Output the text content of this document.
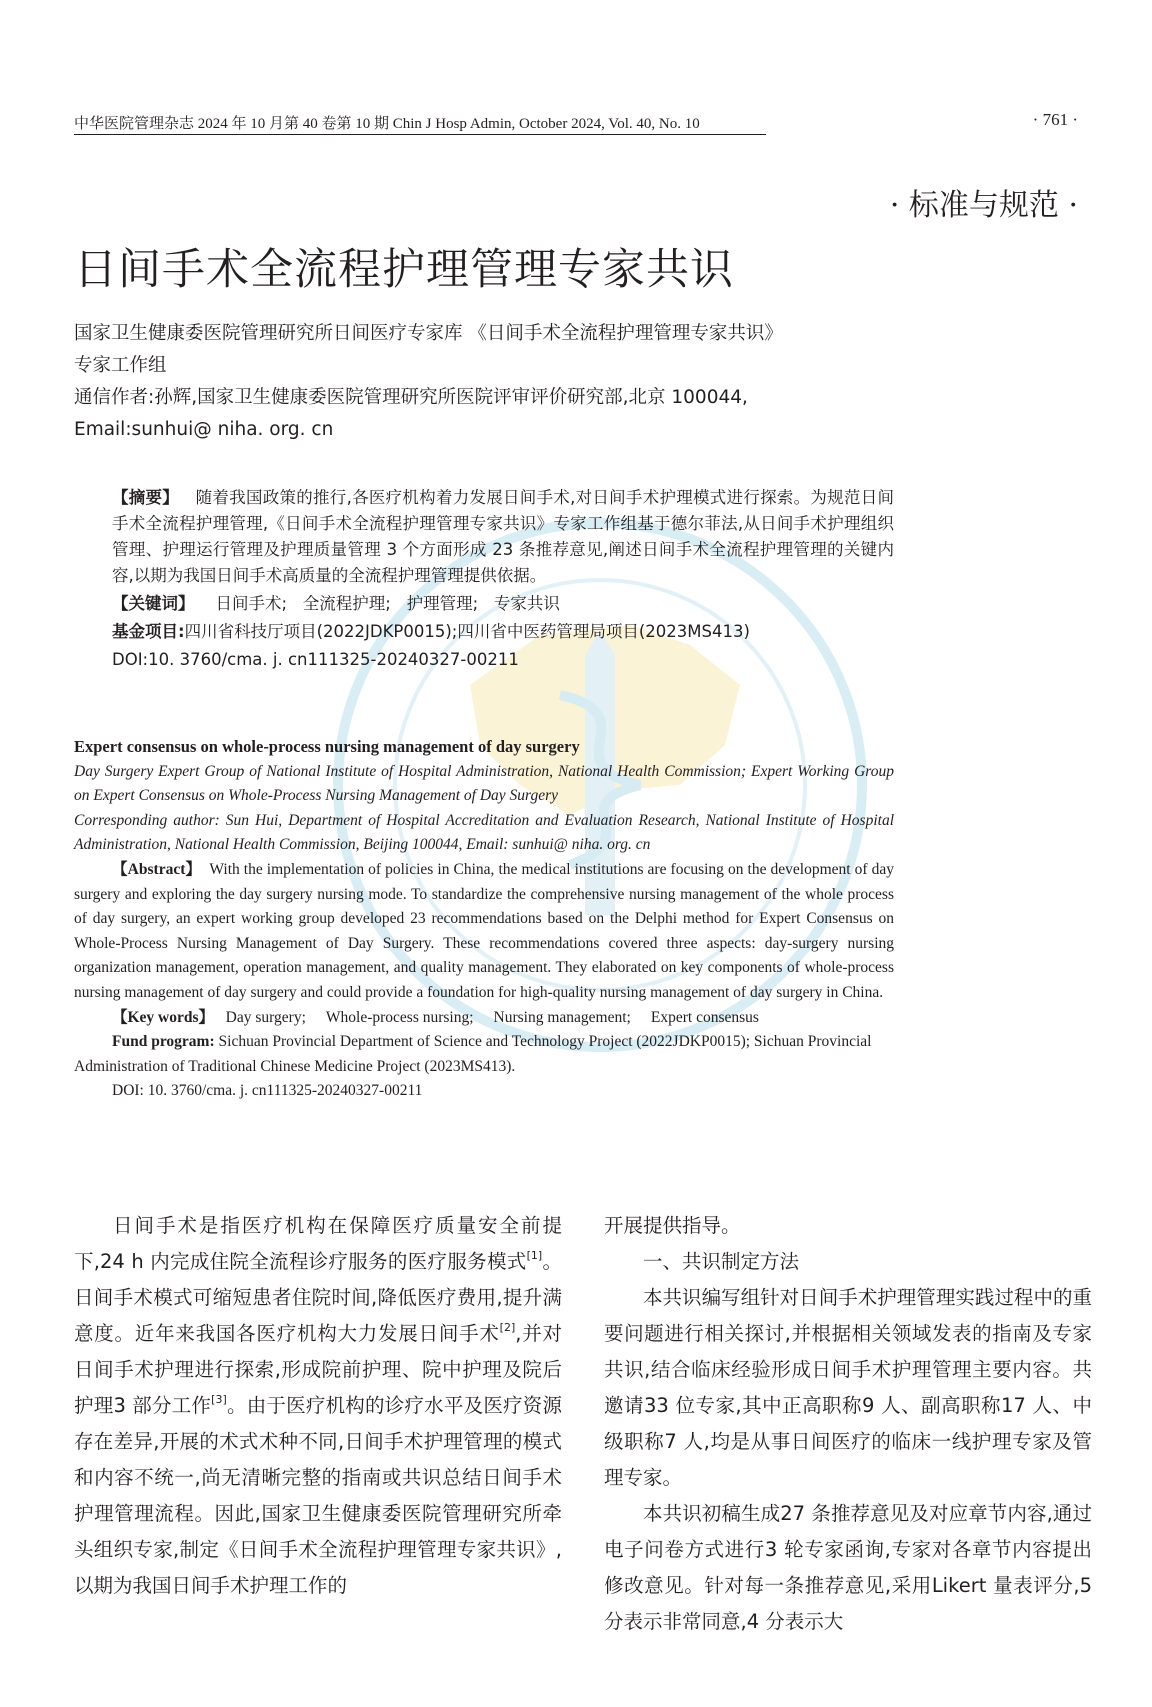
中华医院管理杂志 2024 年 10 月第 40 卷第 10 期 Chin J Hosp Admin, October 2024, Vol. 40, No. 10	· 761 ·
· 标准与规范 ·
日间手术全流程护理管理专家共识
国家卫生健康委医院管理研究所日间医疗专家库 《日间手术全流程护理管理专家共识》
专家工作组
通信作者:孙辉,国家卫生健康委医院管理研究所医院评审评价研究部,北京 100044,
Email:sunhui@ niha. org. cn

【摘要】 随着我国政策的推行,各医疗机构着力发展日间手术,对日间手术护理模式进行探索。为规范日间手术全流程护理管理,《日间手术全流程护理管理专家共识》专家工作组基于德尔菲法,从日间手术护理组织管理、护理运行管理及护理质量管理 3 个方面形成 23 条推荐意见,阐述日间手术全流程护理管理的关键内容,以期为我国日间手术高质量的全流程护理管理提供依据。

【关键词】 日间手术; 全流程护理; 护理管理; 专家共识

基金项目:四川省科技厅项目(2022JDKP0015);四川省中医药管理局项目(2023MS413)

DOI:10. 3760/cma. j. cn111325-20240327-00211

Expert consensus on whole-process nursing management of day surgery

Day Surgery Expert Group of National Institute of Hospital Administration, National Health Commission; Expert Working Group on Expert Consensus on Whole-Process Nursing Management of Day Surgery

Corresponding author: Sun Hui, Department of Hospital Accreditation and Evaluation Research, National Institute of Hospital Administration, National Health Commission, Beijing 100044, Email: sunhui@ niha. org. cn

【Abstract】 With the implementation of policies in China, the medical institutions are focusing on the development of day surgery and exploring the day surgery nursing mode. To standardize the comprehensive nursing management of the whole process of day surgery, an expert working group developed 23 recommendations based on the Delphi method for Expert Consensus on Whole-Process Nursing Management of Day Surgery. These recommendations covered three aspects: day-surgery nursing organization management, operation management, and quality management. They elaborated on key components of whole-process nursing management of day surgery and could provide a foundation for high-quality nursing management of day surgery in China.

【Key words】 Day surgery; Whole-process nursing; Nursing management; Expert consensus

Fund program: Sichuan Provincial Department of Science and Technology Project (2022JDKP0015); Sichuan Provincial Administration of Traditional Chinese Medicine Project (2023MS413).

DOI: 10. 3760/cma. j. cn111325-20240327-00211

日间手术是指医疗机构在保障医疗质量安全前提下,24 h 内完成住院全流程诊疗服务的医疗服务模式[1]。日间手术模式可缩短患者住院时间,降低医疗费用,提升满意度。近年来我国各医疗机构大力发展日间手术[2],并对日间手术护理进行探索,形成院前护理、院中护理及院后护理3 部分工作[3]。由于医疗机构的诊疗水平及医疗资源存在差异,开展的术式术种不同,日间手术护理管理的模式和内容不统一,尚无清晰完整的指南或共识总结日间手术护理管理流程。因此,国家卫生健康委医院管理研究所牵头组织专家,制定《日间手术全流程护理管理专家共识》,以期为我国日间手术护理工作的

开展提供指导。

一、共识制定方法

本共识编写组针对日间手术护理管理实践过程中的重要问题进行相关探讨,并根据相关领域发表的指南及专家共识,结合临床经验形成日间手术护理管理主要内容。共邀请33 位专家,其中正高职称9 人、副高职称17 人、中级职称7 人,均是从事日间医疗的临床一线护理专家及管理专家。

本共识初稿生成27 条推荐意见及对应章节内容,通过电子问卷方式进行3 轮专家函询,专家对各章节内容提出修改意见。针对每一条推荐意见,采用Likert 量表评分,5 分表示非常同意,4 分表示大
